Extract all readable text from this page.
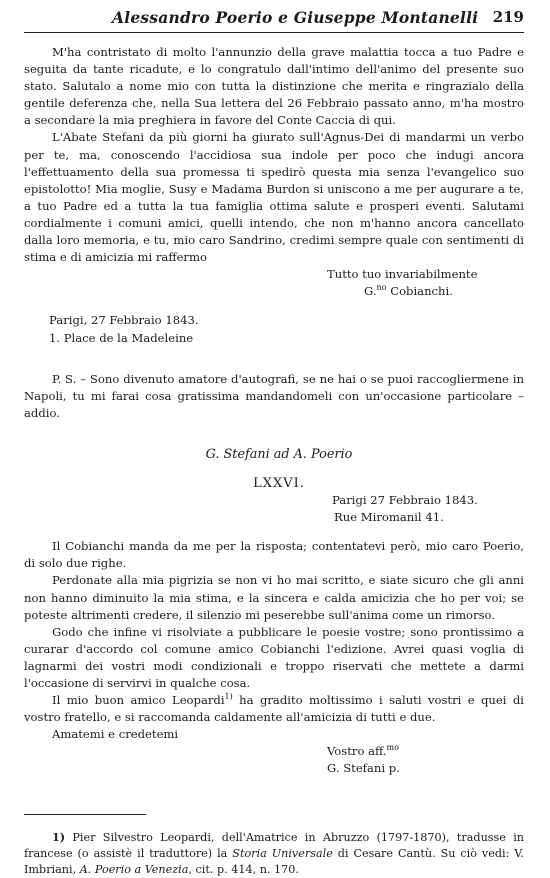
Alessandro Poerio e Giuseppe Montanelli 219

M'ha contristato di molto l'annunzio della grave malattia tocca a tuo Padre e seguita da tante ricadute, e lo congratulo dall'intimo dell'animo del presente suo stato. Salutalo a nome mio con tutta la distinzione che merita e ringrazialo della gentile deferenza che, nella Sua lettera del 26 Febbraio passato anno, m'ha mostro a secondare la mia preghiera in favore del Conte Caccia di qui.

L'Abate Stefani da più giorni ha giurato sull'Agnus-Dei di mandarmi un verbo per te, ma, conoscendo l'accidiosa sua indole per poco che indugi ancora l'effettuamento della sua promessa ti spedirò questa mia senza l'evangelico suo epistolotto! Mia moglie, Susy e Madama Burdon si uniscono a me per augurare a te, a tuo Padre ed a tutta la tua famiglia ottima salute e prosperi eventi. Salutami cordialmente i comuni amici, quelli intendo, che non m'hanno ancora cancellato dalla loro memoria, e tu, mio caro Sandrino, credimi sempre quale con sentimenti di stima e di amicizia mi raffermo

Tutto tuo invariabilmente

G.$^{no}$ Cobianchi.

Parigi, 27 Febbraio 1843.

1. Place de la Madeleine

P. S. – Sono divenuto amatore d'autografi, se ne hai o se puoi raccogliermene in Napoli, tu mi farai cosa gratissima mandandomeli con un'occasione particolare – addio.

G. Stefani ad A. Poerio

LXXVI.

Parigi 27 Febbraio 1843.

Rue Miromanil 41.

Il Cobianchi manda da me per la risposta; contentatevi però, mio caro Poerio, di solo due righe.

Perdonate alla mia pigrizia se non vi ho mai scritto, e siate sicuro che gli anni non hanno diminuito la mia stima, e la sincera e calda amicizia che ho per voi; se poteste altrimenti credere, il silenzio mi peserebbe sull'anima come un rimorso.

Godo che infine vi risolviate a pubblicare le poesie vostre; sono prontissimo a curarar d'accordo col comune amico Cobianchi l'edizione. Avrei quasi voglia di lagnarmi dei vostri modi condizionali e troppo riservati che mettete a darmi l'occasione di servirvi in qualche cosa.

Il mio buon amico Leopardi$^{1)}$ ha gradito moltissimo i saluti vostri e quei di vostro fratello, e si raccomanda caldamente all'amicizia di tutti e due.

Amatemi e credetemi

Vostro aff.$^{mo}$

G. Stefani p.

1) Pier Silvestro Leopardi, dell'Amatrice in Abruzzo (1797-1870), tradusse in francese (o assistè il traduttore) la Storia Universale di Cesare Cantù. Su ciò vedi: V. Imbriani, A. Poerio a Venezia, cit. p. 414, n. 170.
